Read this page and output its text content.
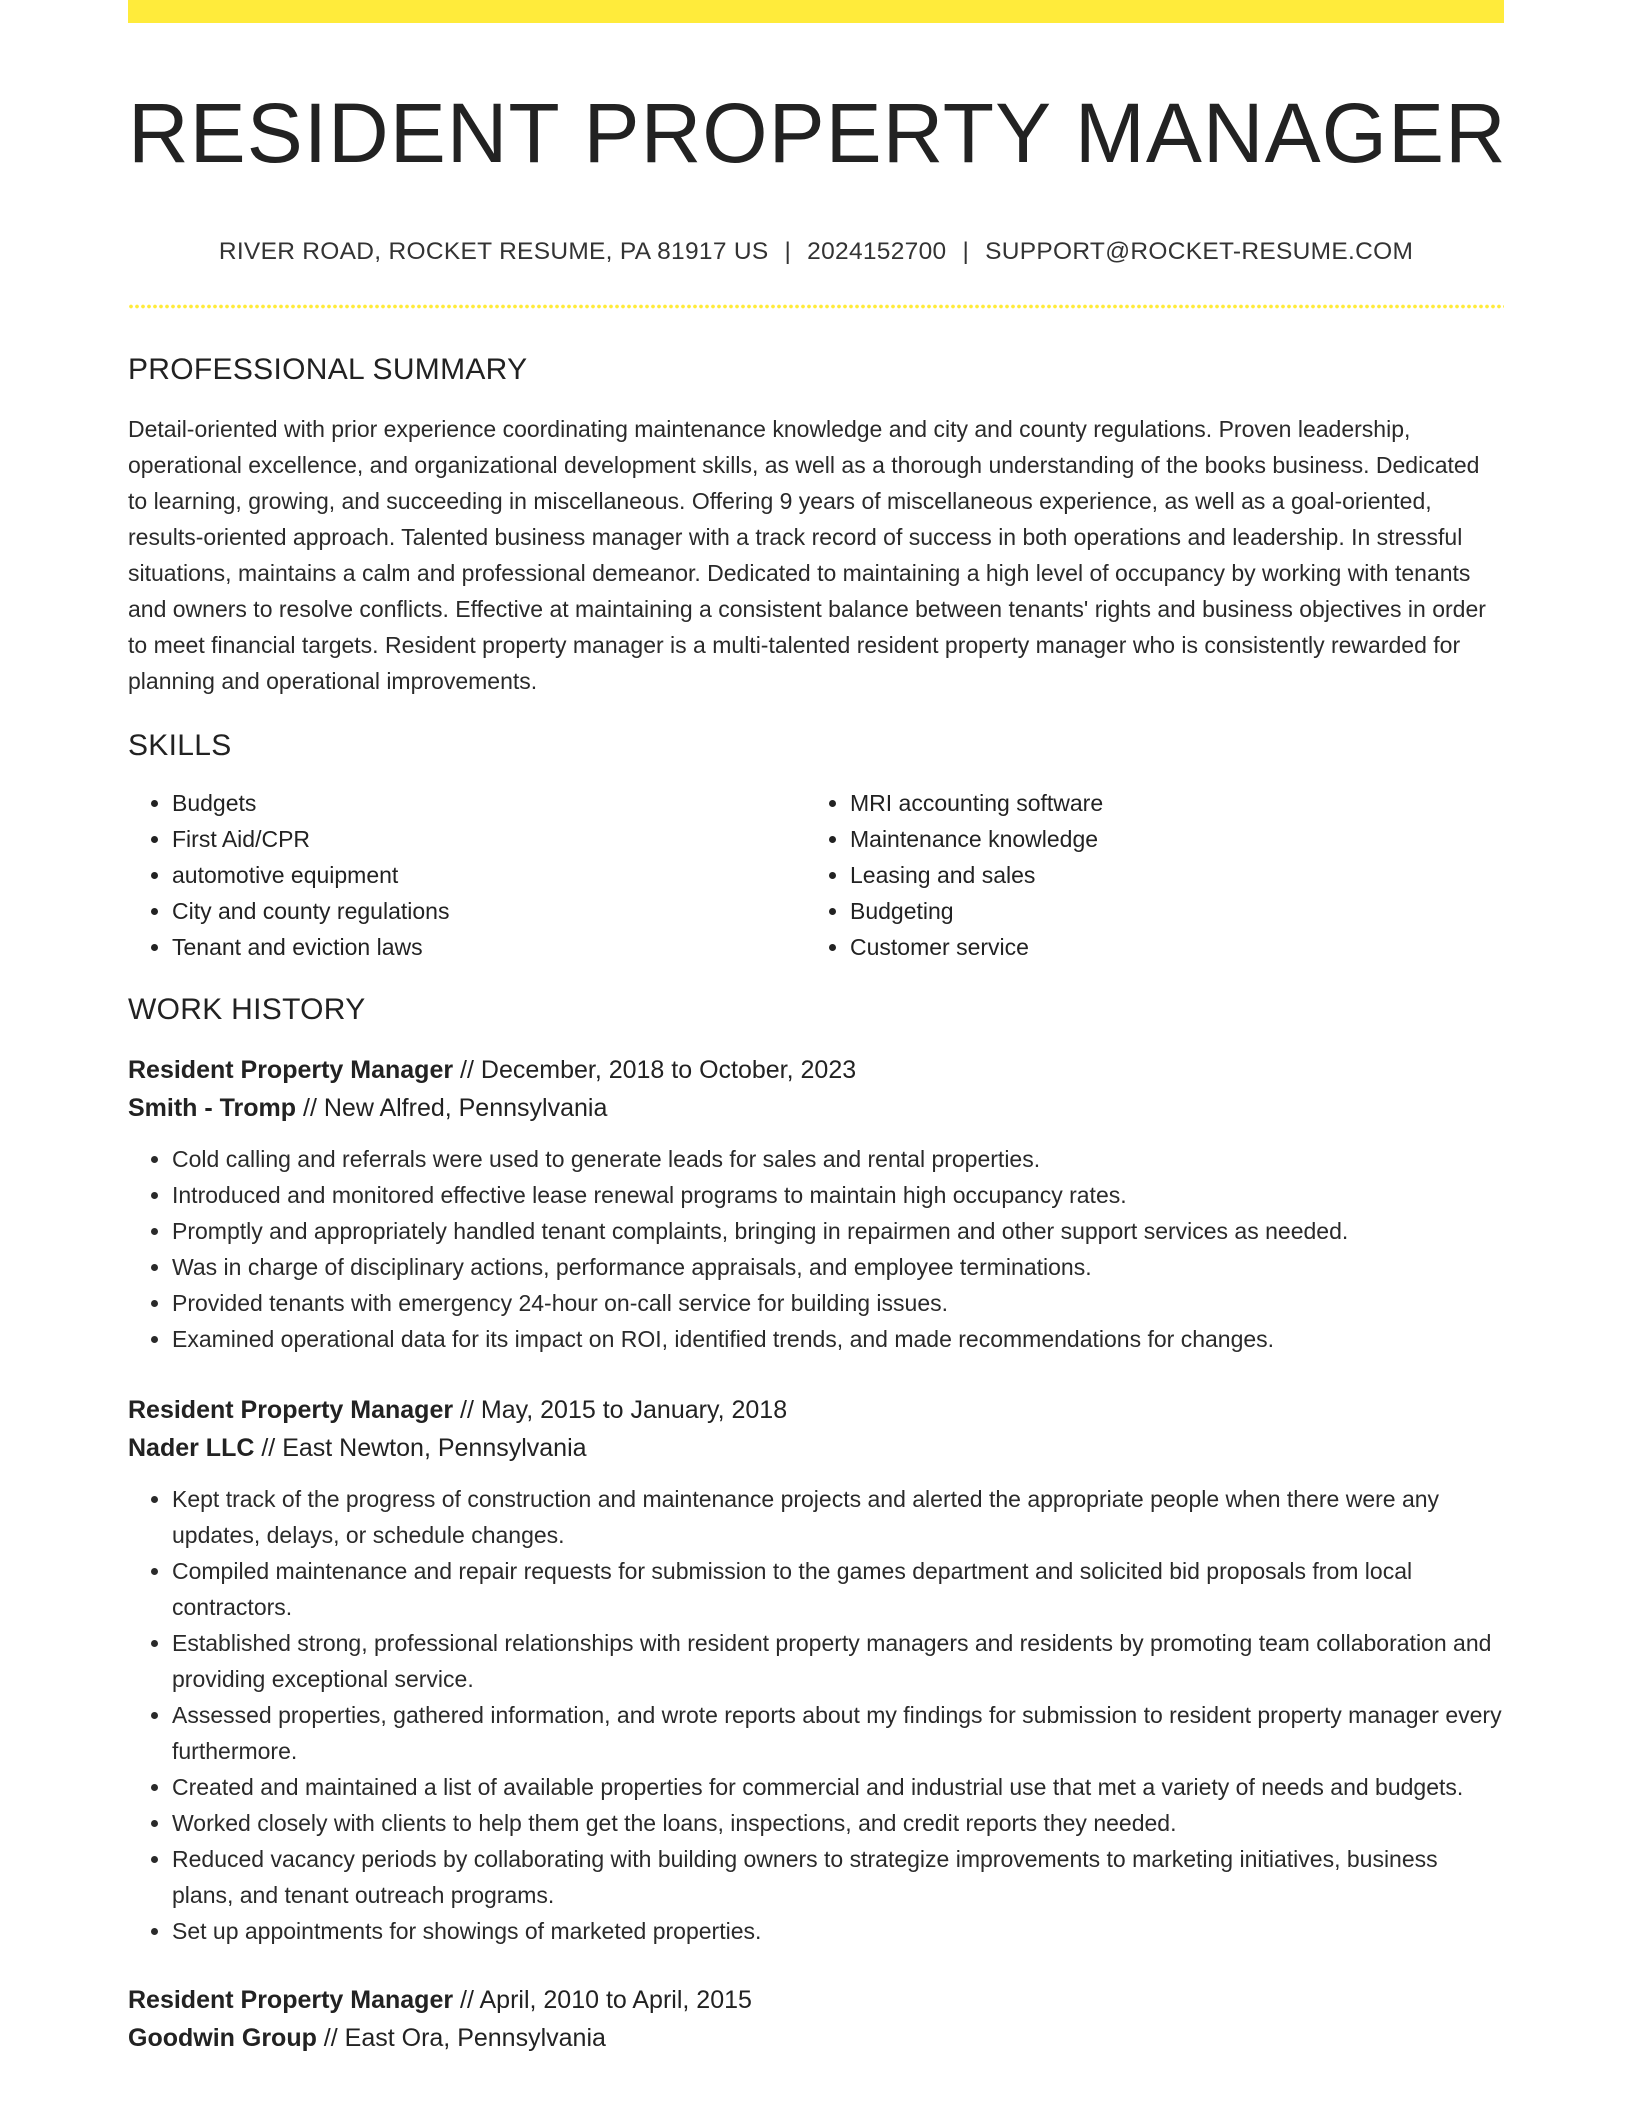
RESIDENT PROPERTY MANAGER
RIVER ROAD, ROCKET RESUME, PA 81917 US | 2024152700 | SUPPORT@ROCKET-RESUME.COM
PROFESSIONAL SUMMARY

Detail-oriented with prior experience coordinating maintenance knowledge and city and county regulations. Proven leadership, operational excellence, and organizational development skills, as well as a thorough understanding of the books business. Dedicated to learning, growing, and succeeding in miscellaneous. Offering 9 years of miscellaneous experience, as well as a goal-oriented, results-oriented approach. Talented business manager with a track record of success in both operations and leadership. In stressful situations, maintains a calm and professional demeanor. Dedicated to maintaining a high level of occupancy by working with tenants and owners to resolve conflicts. Effective at maintaining a consistent balance between tenants' rights and business objectives in order to meet financial targets. Resident property manager is a multi-talented resident property manager who is consistently rewarded for planning and operational improvements.

SKILLS
• Budgets
• First Aid/CPR
• automotive equipment
• City and county regulations
• Tenant and eviction laws
• MRI accounting software
• Maintenance knowledge
• Leasing and sales
• Budgeting
• Customer service
WORK HISTORY
Resident Property Manager // December, 2018 to October, 2023
Smith - Tromp // New Alfred, Pennsylvania
• Cold calling and referrals were used to generate leads for sales and rental properties.
• Introduced and monitored effective lease renewal programs to maintain high occupancy rates.
• Promptly and appropriately handled tenant complaints, bringing in repairmen and other support services as needed.
• Was in charge of disciplinary actions, performance appraisals, and employee terminations.
• Provided tenants with emergency 24-hour on-call service for building issues.
• Examined operational data for its impact on ROI, identified trends, and made recommendations for changes.
Resident Property Manager // May, 2015 to January, 2018
Nader LLC // East Newton, Pennsylvania
• Kept track of the progress of construction and maintenance projects and alerted the appropriate people when there were any updates, delays, or schedule changes.
• Compiled maintenance and repair requests for submission to the games department and solicited bid proposals from local contractors.
• Established strong, professional relationships with resident property managers and residents by promoting team collaboration and providing exceptional service.
• Assessed properties, gathered information, and wrote reports about my findings for submission to resident property manager every furthermore.
• Created and maintained a list of available properties for commercial and industrial use that met a variety of needs and budgets.
• Worked closely with clients to help them get the loans, inspections, and credit reports they needed.
• Reduced vacancy periods by collaborating with building owners to strategize improvements to marketing initiatives, business plans, and tenant outreach programs.
• Set up appointments for showings of marketed properties.
Resident Property Manager // April, 2010 to April, 2015
Goodwin Group // East Ora, Pennsylvania
